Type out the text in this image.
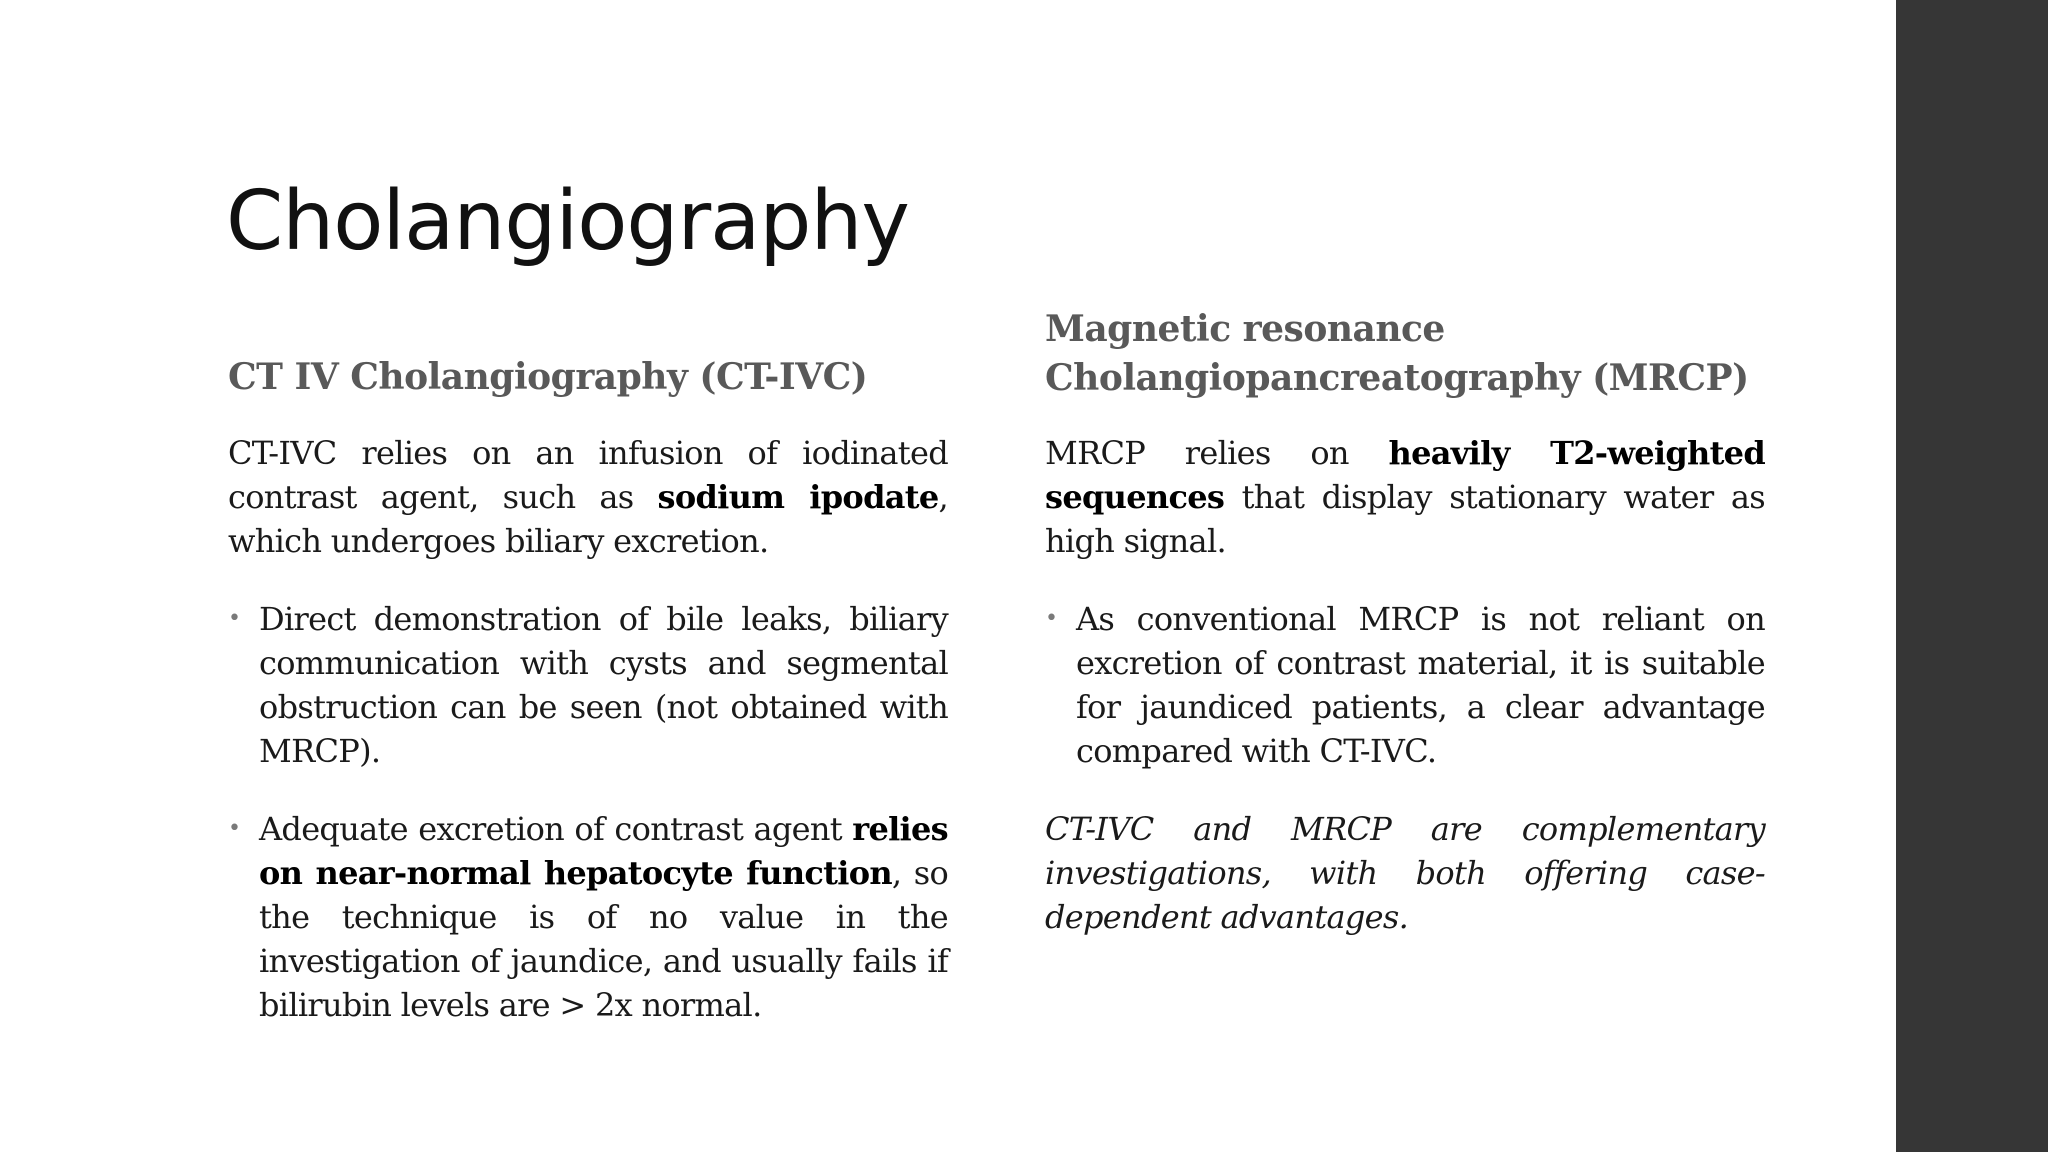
Cholangiography
CT IV Cholangiography (CT-IVC)

CT-IVC relies on an infusion of iodinated contrast agent, such as sodium ipodate, which undergoes biliary excretion.

• Direct demonstration of bile leaks, biliary communication with cysts and segmental obstruction can be seen (not obtained with MRCP).

• Adequate excretion of contrast agent relies on near-normal hepatocyte function, so the technique is of no value in the investigation of jaundice, and usually fails if bilirubin levels are > 2x normal.

Magnetic resonance
Cholangiopancreatography (MRCP)

MRCP relies on heavily T2-weighted sequences that display stationary water as high signal.

• As conventional MRCP is not reliant on excretion of contrast material, it is suitable for jaundiced patients, a clear advantage compared with CT-IVC.

CT-IVC and MRCP are complementary investigations, with both offering case-dependent advantages.
